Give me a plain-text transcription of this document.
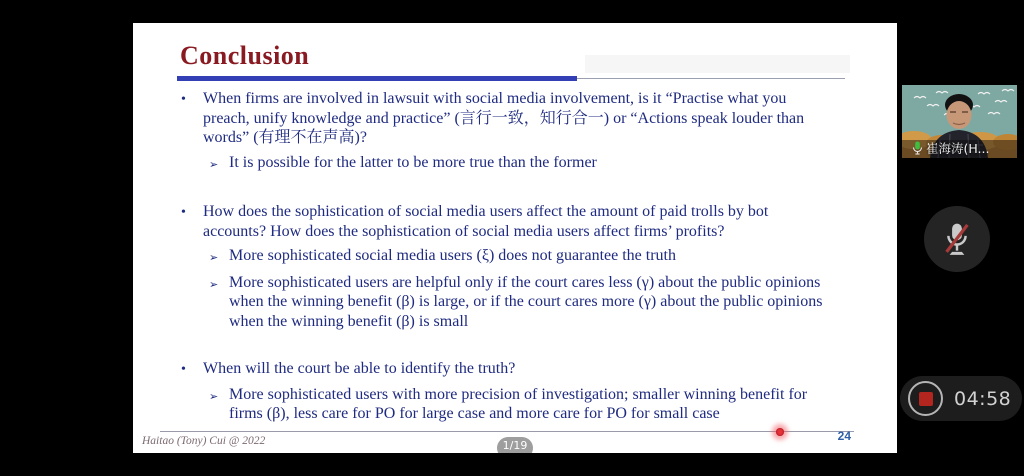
Conclusion
•	When firms are involved in lawsuit with social media involvement, is it “Practise what you preach, unify knowledge and practice” (言行一致，知行合一) or “Actions speak louder than words” (有理不在声高)?
➢ It is possible for the latter to be more true than the former
•	How does the sophistication of social media users affect the amount of paid trolls by bot accounts? How does the sophistication of social media users affect firms’ profits?
➢ More sophisticated social media users (ξ) does not guarantee the truth
➢ More sophisticated users are helpful only if the court cares less (γ) about the public opinions when the winning benefit (β) is large, or if the court cares more (γ) about the public opinions when the winning benefit (β) is small
•	When will the court be able to identify the truth?
➢ More sophisticated users with more precision of investigation; smaller winning benefit for firms (β), less care for PO for large case and more care for PO for small case
Haitao (Tony) Cui @ 2022	24
1/19
崔海涛(H...
04:58
